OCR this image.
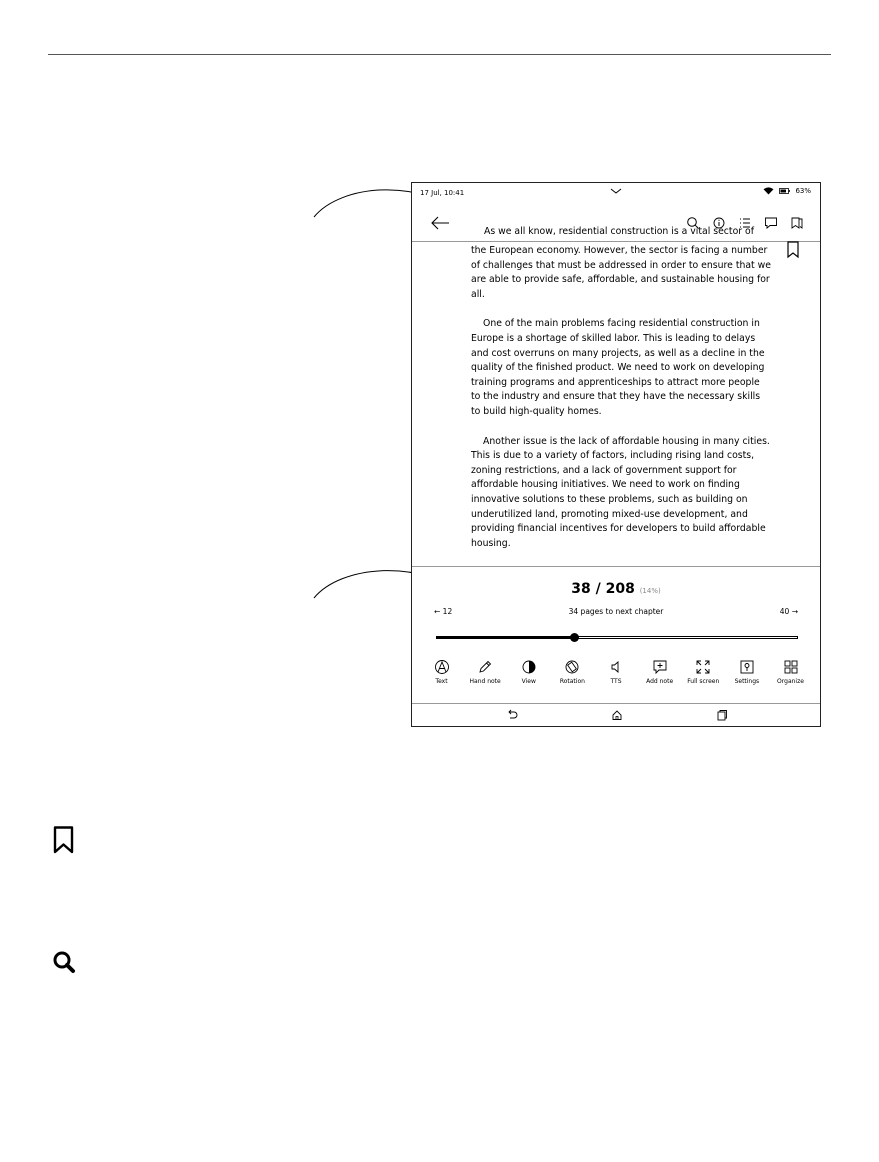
17 Jul, 10:41	63%
As we all know, residential construction is a vital sector of

the European economy. However, the sector is facing a number of challenges that must be addressed in order to ensure that we are able to provide safe, affordable, and sustainable housing for all.

One of the main problems facing residential construction in Europe is a shortage of skilled labor. This is leading to delays and cost overruns on many projects, as well as a decline in the quality of the finished product. We need to work on developing training programs and apprenticeships to attract more people to the industry and ensure that they have the necessary skills to build high-quality homes.

Another issue is the lack of affordable housing in many cities. This is due to a variety of factors, including rising land costs, zoning restrictions, and a lack of government support for affordable housing initiatives. We need to work on finding innovative solutions to these problems, such as building on underutilized land, promoting mixed-use development, and providing financial incentives for developers to build affordable housing.

38 / 208 (14%)
← 12	34 pages to next chapter	40 →
Text	Hand note	View	Rotation	TTS	Add note	Full screen	Settings	Organize
